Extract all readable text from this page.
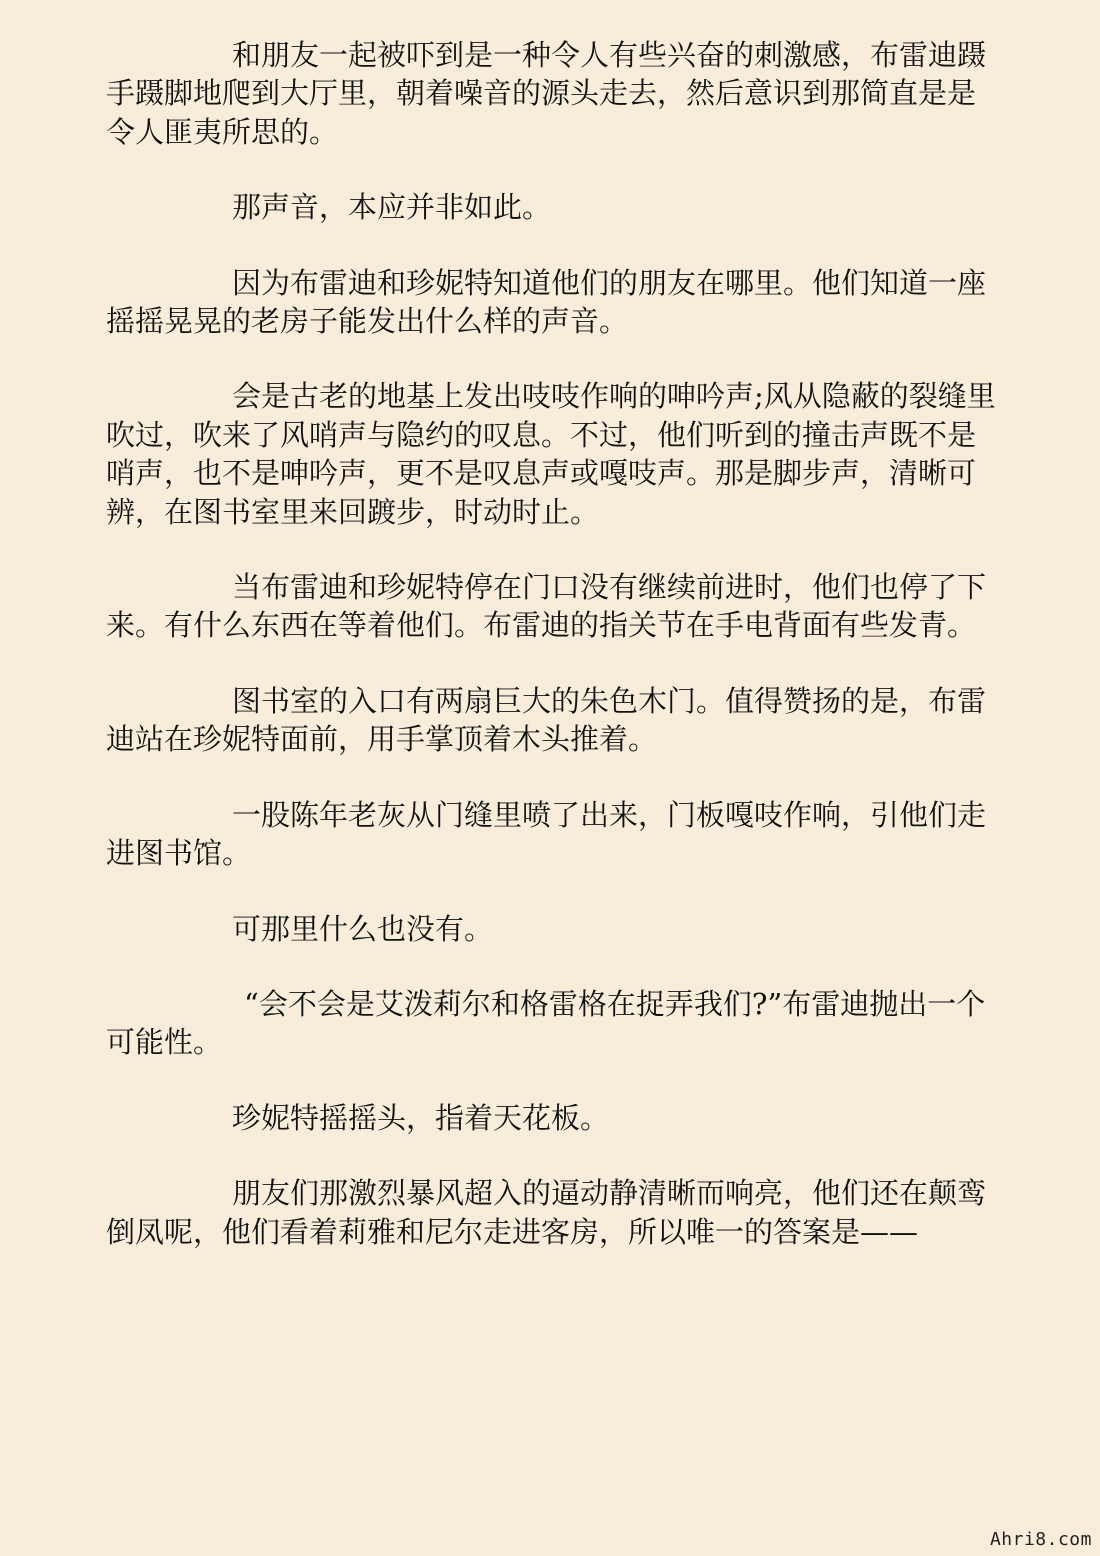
和朋友一起被吓到是一种令人有些兴奋的刺激感，布雷迪蹑手蹑脚地爬到大厅里，朝着噪音的源头走去，然后意识到那简直是是令人匪夷所思的。

那声音，本应并非如此。

因为布雷迪和珍妮特知道他们的朋友在哪里。他们知道一座摇摇晃晃的老房子能发出什么样的声音。

会是古老的地基上发出吱吱作响的呻吟声;风从隐蔽的裂缝里吹过，吹来了风哨声与隐约的叹息。不过，他们听到的撞击声既不是哨声，也不是呻吟声，更不是叹息声或嘎吱声。那是脚步声，清晰可辨，在图书室里来回踱步，时动时止。

当布雷迪和珍妮特停在门口没有继续前进时，他们也停了下来。有什么东西在等着他们。布雷迪的指关节在手电背面有些发青。

图书室的入口有两扇巨大的朱色木门。值得赞扬的是，布雷迪站在珍妮特面前，用手掌顶着木头推着。

一股陈年老灰从门缝里喷了出来，门板嘎吱作响，引他们走进图书馆。

可那里什么也没有。

“会不会是艾泼莉尔和格雷格在捉弄我们?”布雷迪抛出一个可能性。

珍妮特摇摇头，指着天花板。

朋友们那激烈暴风超入的逼动静清晰而响亮，他们还在颠鸾倒凤呢，他们看着莉雅和尼尔走进客房，所以唯一的答案是——

Ahri8.com
